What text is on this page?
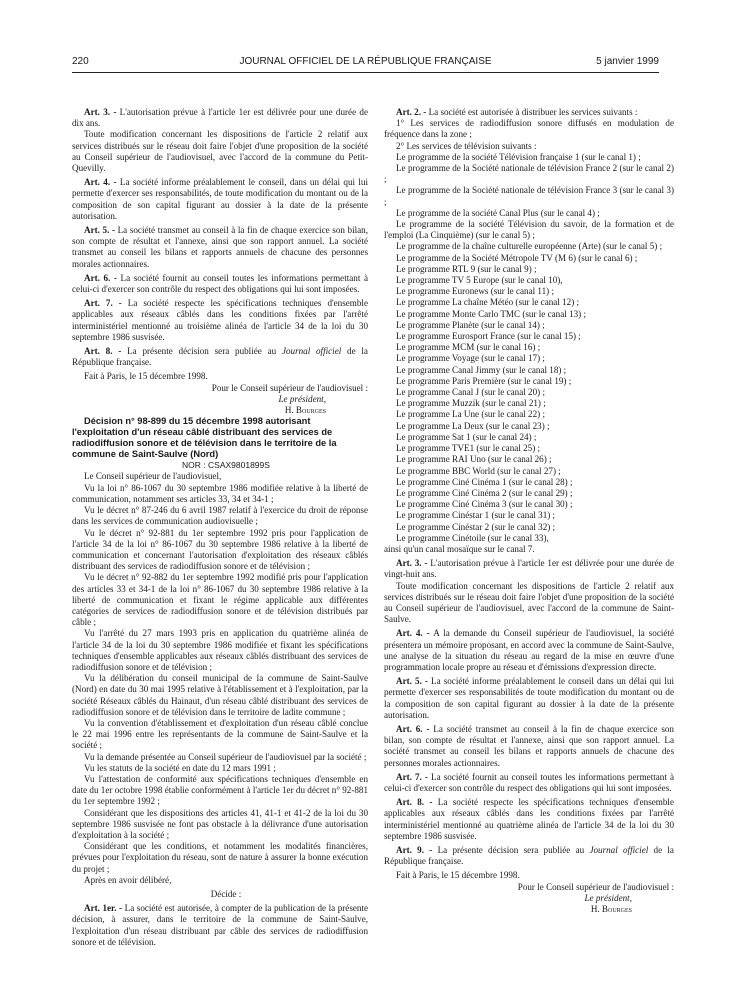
220	JOURNAL OFFICIEL DE LA RÉPUBLIQUE FRANÇAISE	5 janvier 1999

Art. 3. - L'autorisation prévue à l'article 1er est délivrée pour une durée de dix ans.

Toute modification concernant les dispositions de l'article 2 relatif aux services distribués sur le réseau doit faire l'objet d'une proposition de la société au Conseil supérieur de l'audiovisuel, avec l'accord de la commune du Petit-Quevilly.

Art. 4. - La société informe préalablement le conseil, dans un délai qui lui permette d'exercer ses responsabilités, de toute modification du montant ou de la composition de son capital figurant au dossier à la date de la présente autorisation.

Art. 5. - La société transmet au conseil à la fin de chaque exercice son bilan, son compte de résultat et l'annexe, ainsi que son rapport annuel. La société transmet au conseil les bilans et rapports annuels de chacune des personnes morales actionnaires.

Art. 6. - La société fournit au conseil toutes les informations permettant à celui-ci d'exercer son contrôle du respect des obligations qui lui sont imposées.

Art. 7. - La société respecte les spécifications techniques d'ensemble applicables aux réseaux câblés dans les conditions fixées par l'arrêté interministériel mentionné au troisième alinéa de l'article 34 de la loi du 30 septembre 1986 susvisée.

Art. 8. - La présente décision sera publiée au Journal officiel de la République française.

Fait à Paris, le 15 décembre 1998.

Pour le Conseil supérieur de l'audiovisuel :

Le président,

H. Bourges

Décision n° 98-899 du 15 décembre 1998 autorisant l'exploitation d'un réseau câblé distribuant des services de radiodiffusion sonore et de télévision dans le territoire de la commune de Saint-Saulve (Nord)

NOR : CSAX9801899S

Le Conseil supérieur de l'audiovisuel,

Vu la loi n° 86-1067 du 30 septembre 1986 modifiée relative à la liberté de communication, notamment ses articles 33, 34 et 34-1 ;

Vu le décret n° 87-246 du 6 avril 1987 relatif à l'exercice du droit de réponse dans les services de communication audiovisuelle ;

Vu le décret n° 92-881 du 1er septembre 1992 pris pour l'application de l'article 34 de la loi n° 86-1067 du 30 septembre 1986 relative à la liberté de communication et concernant l'autorisation d'exploitation des réseaux câblés distribuant des services de radiodiffusion sonore et de télévision ;

Vu le décret n° 92-882 du 1er septembre 1992 modifié pris pour l'application des articles 33 et 34-1 de la loi n° 86-1067 du 30 septembre 1986 relative à la liberté de communication et fixant le régime applicable aux différentes catégories de services de radiodiffusion sonore et de télévision distribués par câble ;

Vu l'arrêté du 27 mars 1993 pris en application du quatrième alinéa de l'article 34 de la loi du 30 septembre 1986 modifiée et fixant les spécifications techniques d'ensemble applicables aux réseaux câblés distribuant des services de radiodiffusion sonore et de télévision ;

Vu la délibération du conseil municipal de la commune de Saint-Saulve (Nord) en date du 30 mai 1995 relative à l'établissement et à l'exploitation, par la société Réseaux câblés du Hainaut, d'un réseau câblé distribuant des services de radiodiffusion sonore et de télévision dans le territoire de ladite commune ;

Vu la convention d'établissement et d'exploitation d'un réseau câblé conclue le 22 mai 1996 entre les représentants de la commune de Saint-Saulve et la société ;

Vu la demande présentée au Conseil supérieur de l'audiovisuel par la société ;

Vu les statuts de la société en date du 12 mars 1991 ;

Vu l'attestation de conformité aux spécifications techniques d'ensemble en date du 1er octobre 1998 établie conformément à l'article 1er du décret n° 92-881 du 1er septembre 1992 ;

Considérant que les dispositions des articles 41, 41-1 et 41-2 de la loi du 30 septembre 1986 susvisée ne font pas obstacle à la délivrance d'une autorisation d'exploitation à la société ;

Considérant que les conditions, et notamment les modalités financières, prévues pour l'exploitation du réseau, sont de nature à assurer la bonne exécution du projet ;

Après en avoir délibéré,

Décide :

Art. 1er. - La société est autorisée, à compter de la publication de la présente décision, à assurer, dans le territoire de la commune de Saint-Saulve, l'exploitation d'un réseau distribuant par câble des services de radiodiffusion sonore et de télévision.

Art. 2. - La société est autorisée à distribuer les services suivants :

1° Les services de radiodiffusion sonore diffusés en modulation de fréquence dans la zone ;

2° Les services de télévision suivants :

Le programme de la société Télévision française 1 (sur le canal 1) ;

Le programme de la Société nationale de télévision France 2 (sur le canal 2) ;

Le programme de la Société nationale de télévision France 3 (sur le canal 3) ;

Le programme de la société Canal Plus (sur le canal 4) ;

Le programme de la société Télévision du savoir, de la formation et de l'emploi (La Cinquième) (sur le canal 5) ;

Le programme de la chaîne culturelle européenne (Arte) (sur le canal 5) ;

Le programme de la Société Métropole TV (M 6) (sur le canal 6) ;

Le programme RTL 9 (sur le canal 9) ;

Le programme TV 5 Europe (sur le canal 10),

Le programme Euronews (sur le canal 11) ;

Le programme La chaîne Météo (sur le canal 12) ;

Le programme Monte Carlo TMC (sur le canal 13) ;

Le programme Planète (sur le canal 14) ;

Le programme Eurosport France (sur le canal 15) ;

Le programme MCM (sur le canal 16) ;

Le programme Voyage (sur le canal 17) ;

Le programme Canal Jimmy (sur le canal 18) ;

Le programme Paris Première (sur le canal 19) ;

Le programme Canal J (sur le canal 20) ;

Le programme Muzzik (sur le canal 21) ;

Le programme La Une (sur le canal 22) ;

Le programme La Deux (sur le canal 23) ;

Le programme Sat 1 (sur le canal 24) ;

Le programme TVE1 (sur le canal 25) ;

Le programme RAI Uno (sur le canal 26) ;

Le programme BBC World (sur le canal 27) ;

Le programme Ciné Cinéma 1 (sur le canal 28) ;

Le programme Ciné Cinéma 2 (sur le canal 29) ;

Le programme Ciné Cinéma 3 (sur le canal 30) ;

Le programme Cinéstar 1 (sur le canal 31) ;

Le programme Cinéstar 2 (sur le canal 32) ;

Le programme Cinétoile (sur le canal 33),

ainsi qu'un canal mosaïque sur le canal 7.

Art. 3. - L'autorisation prévue à l'article 1er est délivrée pour une durée de vingt-huit ans.

Toute modification concernant les dispositions de l'article 2 relatif aux services distribués sur le réseau doit faire l'objet d'une proposition de la société au Conseil supérieur de l'audiovisuel, avec l'accord de la commune de Saint-Saulve.

Art. 4. - A la demande du Conseil supérieur de l'audiovisuel, la société présentera un mémoire proposant, en accord avec la commune de Saint-Saulve, une analyse de la situation du réseau au regard de la mise en œuvre d'une programmation locale propre au réseau et d'émissions d'expression directe.

Art. 5. - La société informe préalablement le conseil dans un délai qui lui permette d'exercer ses responsabilités de toute modification du montant ou de la composition de son capital figurant au dossier à la date de la présente autorisation.

Art. 6. - La société transmet au conseil à la fin de chaque exercice son bilan, son compte de résultat et l'annexe, ainsi que son rapport annuel. La société transmet au conseil les bilans et rapports annuels de chacune des personnes morales actionnaires.

Art. 7. - La société fournit au conseil toutes les informations permettant à celui-ci d'exercer son contrôle du respect des obligations qui lui sont imposées.

Art. 8. - La société respecte les spécifications techniques d'ensemble applicables aux réseaux câblés dans les conditions fixées par l'arrêté interministériel mentionné au quatrième alinéa de l'article 34 de la loi du 30 septembre 1986 susvisée.

Art. 9. - La présente décision sera publiée au Journal officiel de la République française.

Fait à Paris, le 15 décembre 1998.

Pour le Conseil supérieur de l'audiovisuel :

Le président,

H. Bourges
